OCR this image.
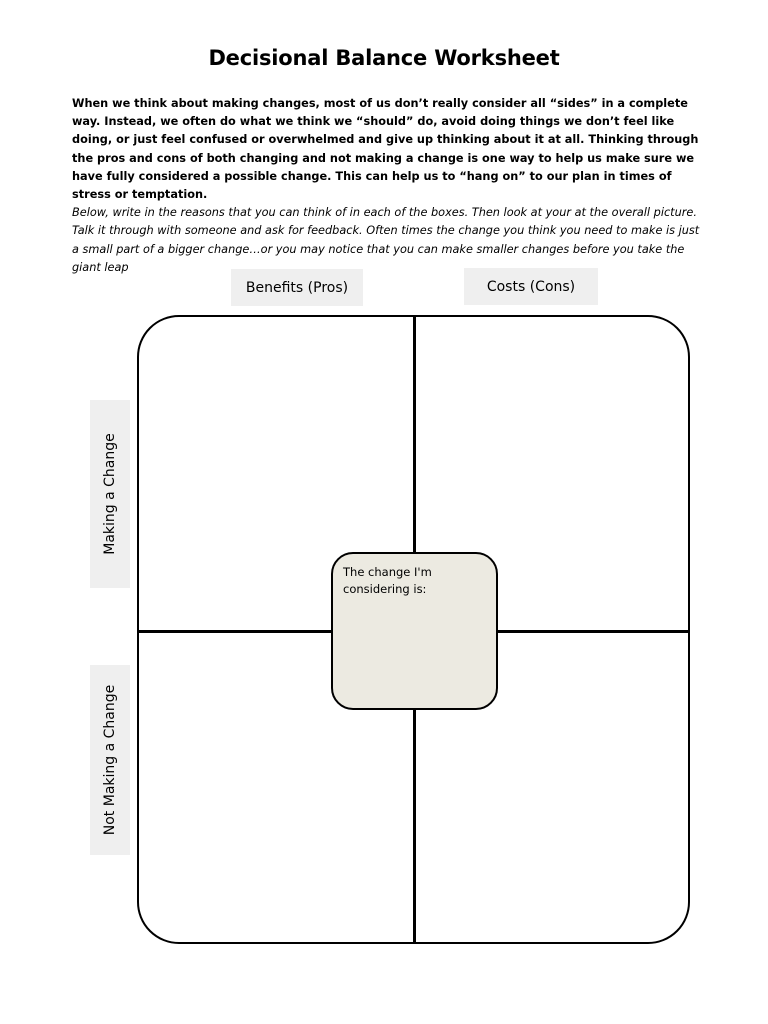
Decisional Balance Worksheet

When we think about making changes, most of us don’t really consider all “sides” in a complete way. Instead, we often do what we think we “should” do, avoid doing things we don’t feel like doing, or just feel confused or overwhelmed and give up thinking about it at all. Thinking through the pros and cons of both changing and not making a change is one way to help us make sure we have fully considered a possible change. This can help us to “hang on” to our plan in times of stress or temptation.

Below, write in the reasons that you can think of in each of the boxes. Then look at your at the overall picture. Talk it through with someone and ask for feedback. Often times the change you think you need to make is just a small part of a bigger change…or you may notice that you can make smaller changes before you take the giant leap

Benefits (Pros)	Costs (Cons)
Making a Change
Not Making a Change
The change I'm considering is:
